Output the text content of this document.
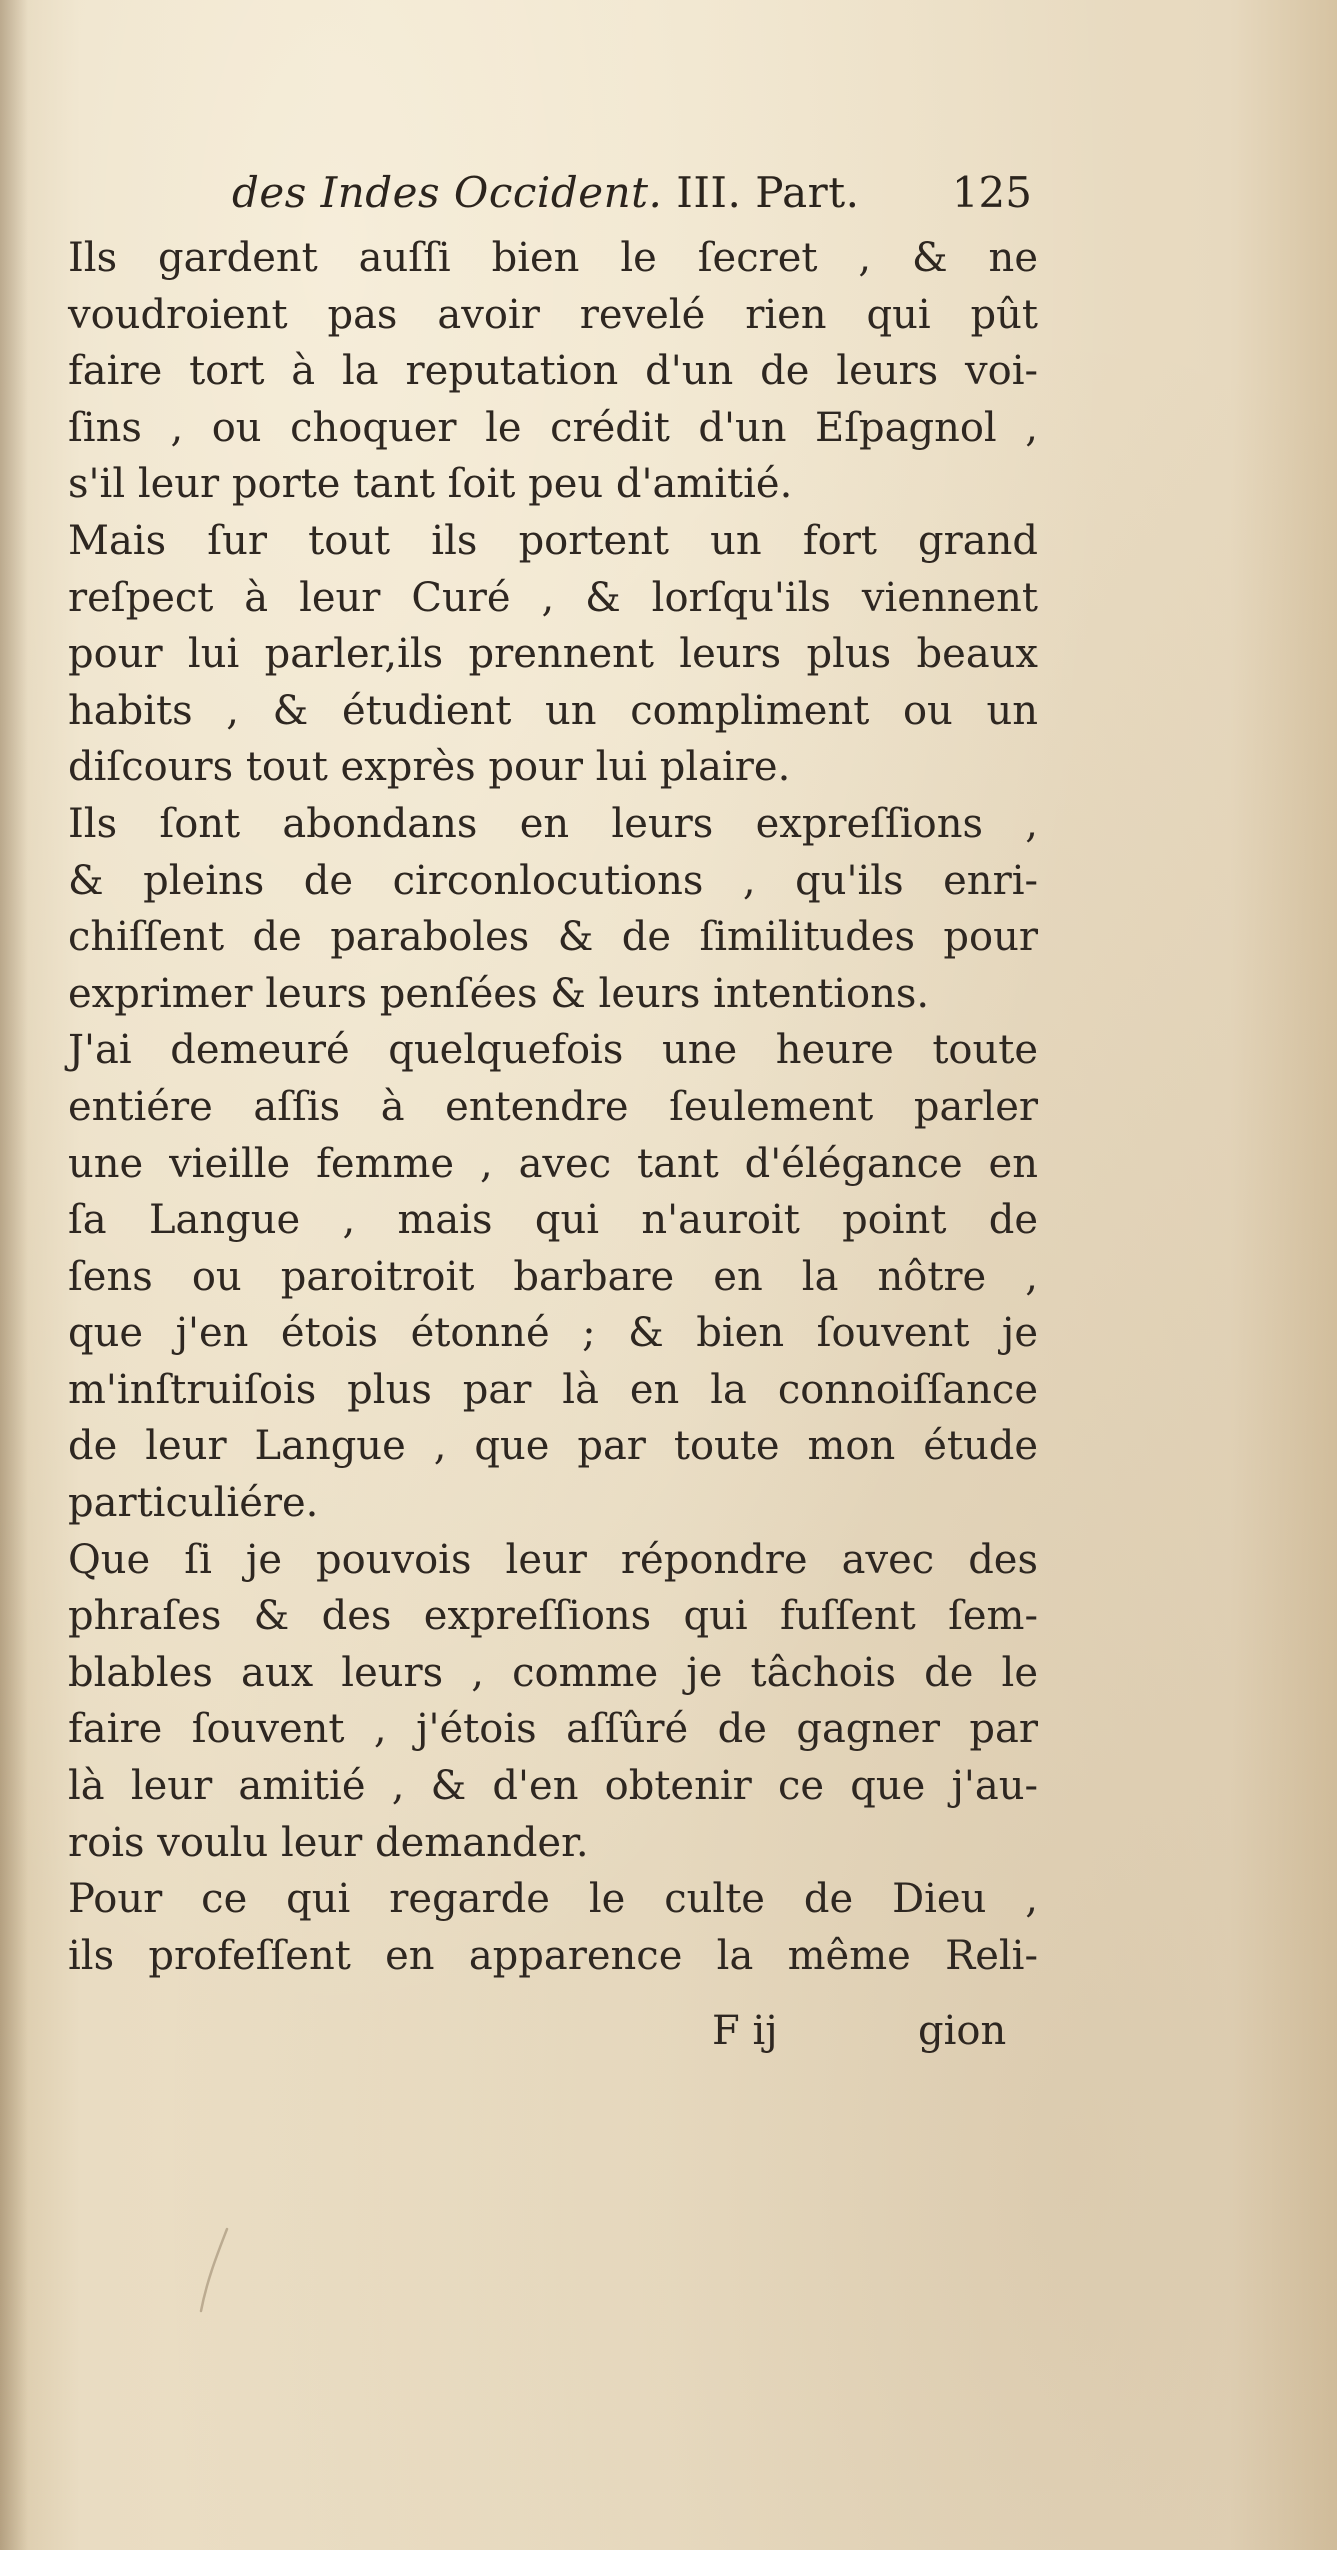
des Indes Occident. III. Part. 125
Ils gardent auſſi bien le ſecret , & ne
voudroient pas avoir revelé rien qui pût
faire tort à la reputation d'un de leurs voi-
ſins , ou choquer le crédit d'un Eſpagnol ,
s'il leur porte tant ſoit peu d'amitié.
Mais ſur tout ils portent un fort grand
reſpect à leur Curé , & lorſqu'ils viennent
pour lui parler,ils prennent leurs plus beaux
habits , & étudient un compliment ou un
diſcours tout exprès pour lui plaire.
Ils ſont abondans en leurs expreſſions ,
& pleins de circonlocutions , qu'ils enri-
chiſſent de paraboles & de ſimilitudes pour
exprimer leurs penſées & leurs intentions.
J'ai demeuré quelquefois une heure toute
entiére aſſis à entendre ſeulement parler
une vieille femme , avec tant d'élégance en
ſa Langue , mais qui n'auroit point de
ſens ou paroitroit barbare en la nôtre ,
que j'en étois étonné ; & bien ſouvent je
m'inſtruiſois plus par là en la connoiſſance
de leur Langue , que par toute mon étude
particuliére.
Que ſi je pouvois leur répondre avec des
phraſes & des expreſſions qui fuſſent ſem-
blables aux leurs , comme je tâchois de le
faire ſouvent , j'étois aſſûré de gagner par
là leur amitié , & d'en obtenir ce que j'au-
rois voulu leur demander.
Pour ce qui regarde le culte de Dieu ,
ils profeſſent en apparence la même Reli-
F ij	gion
